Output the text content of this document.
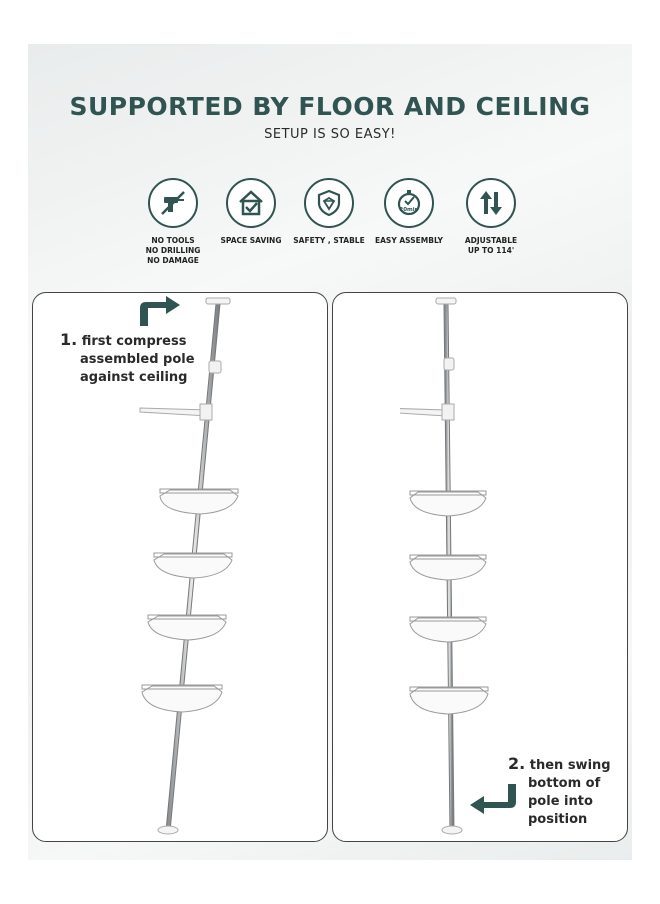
SUPPORTED BY FLOOR AND CEILING
SETUP IS SO EASY!
NO TOOLS
NO DRILLING
NO DAMAGE
SPACE SAVING	SAFETY , STABLE
20min
EASY ASSEMBLY	ADJUSTABLE
UP TO 114'
1. first compress
assembled pole
against ceiling
2. then swing
bottom of
pole into
position
